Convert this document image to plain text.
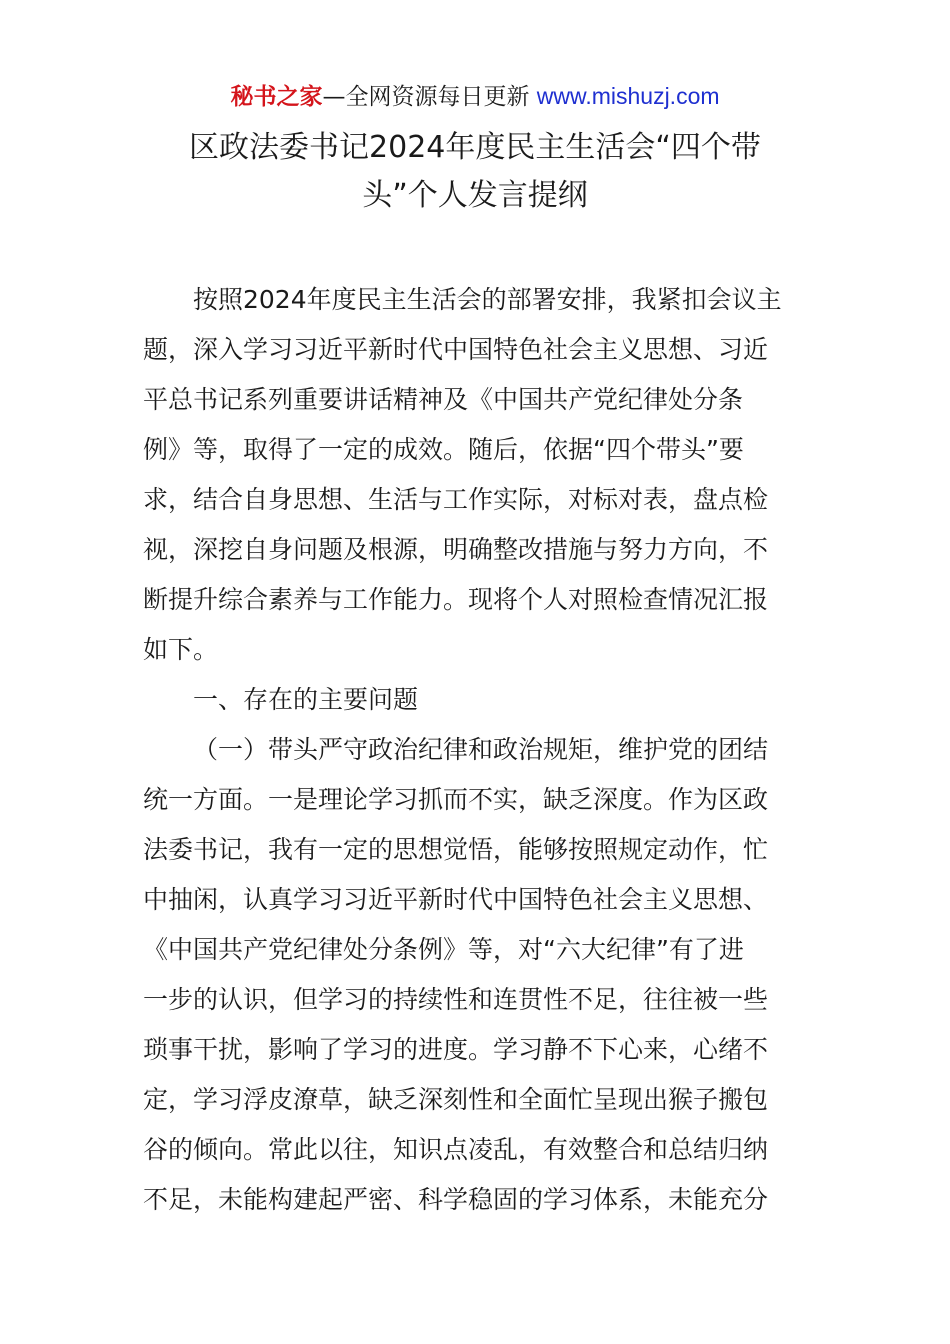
秘书之家—全网资源每日更新 www.mishuzj.com
区政法委书记2024年度民主生活会“四个带
头”个人发言提纲
按照2024年度民主生活会的部署安排，我紧扣会议主
题，深入学习习近平新时代中国特色社会主义思想、习近
平总书记系列重要讲话精神及《中国共产党纪律处分条
例》等，取得了一定的成效。随后，依据“四个带头”要
求，结合自身思想、生活与工作实际，对标对表，盘点检
视，深挖自身问题及根源，明确整改措施与努力方向，不
断提升综合素养与工作能力。现将个人对照检查情况汇报
如下。
一、存在的主要问题
（一）带头严守政治纪律和政治规矩，维护党的团结
统一方面。一是理论学习抓而不实，缺乏深度。作为区政
法委书记，我有一定的思想觉悟，能够按照规定动作，忙
中抽闲，认真学习习近平新时代中国特色社会主义思想、
《中国共产党纪律处分条例》等，对“六大纪律”有了进
一步的认识，但学习的持续性和连贯性不足，往往被一些
琐事干扰，影响了学习的进度。学习静不下心来，心绪不
定，学习浮皮潦草，缺乏深刻性和全面忙呈现出猴子搬包
谷的倾向。常此以往，知识点凌乱，有效整合和总结归纳
不足，未能构建起严密、科学稳固的学习体系，未能充分
